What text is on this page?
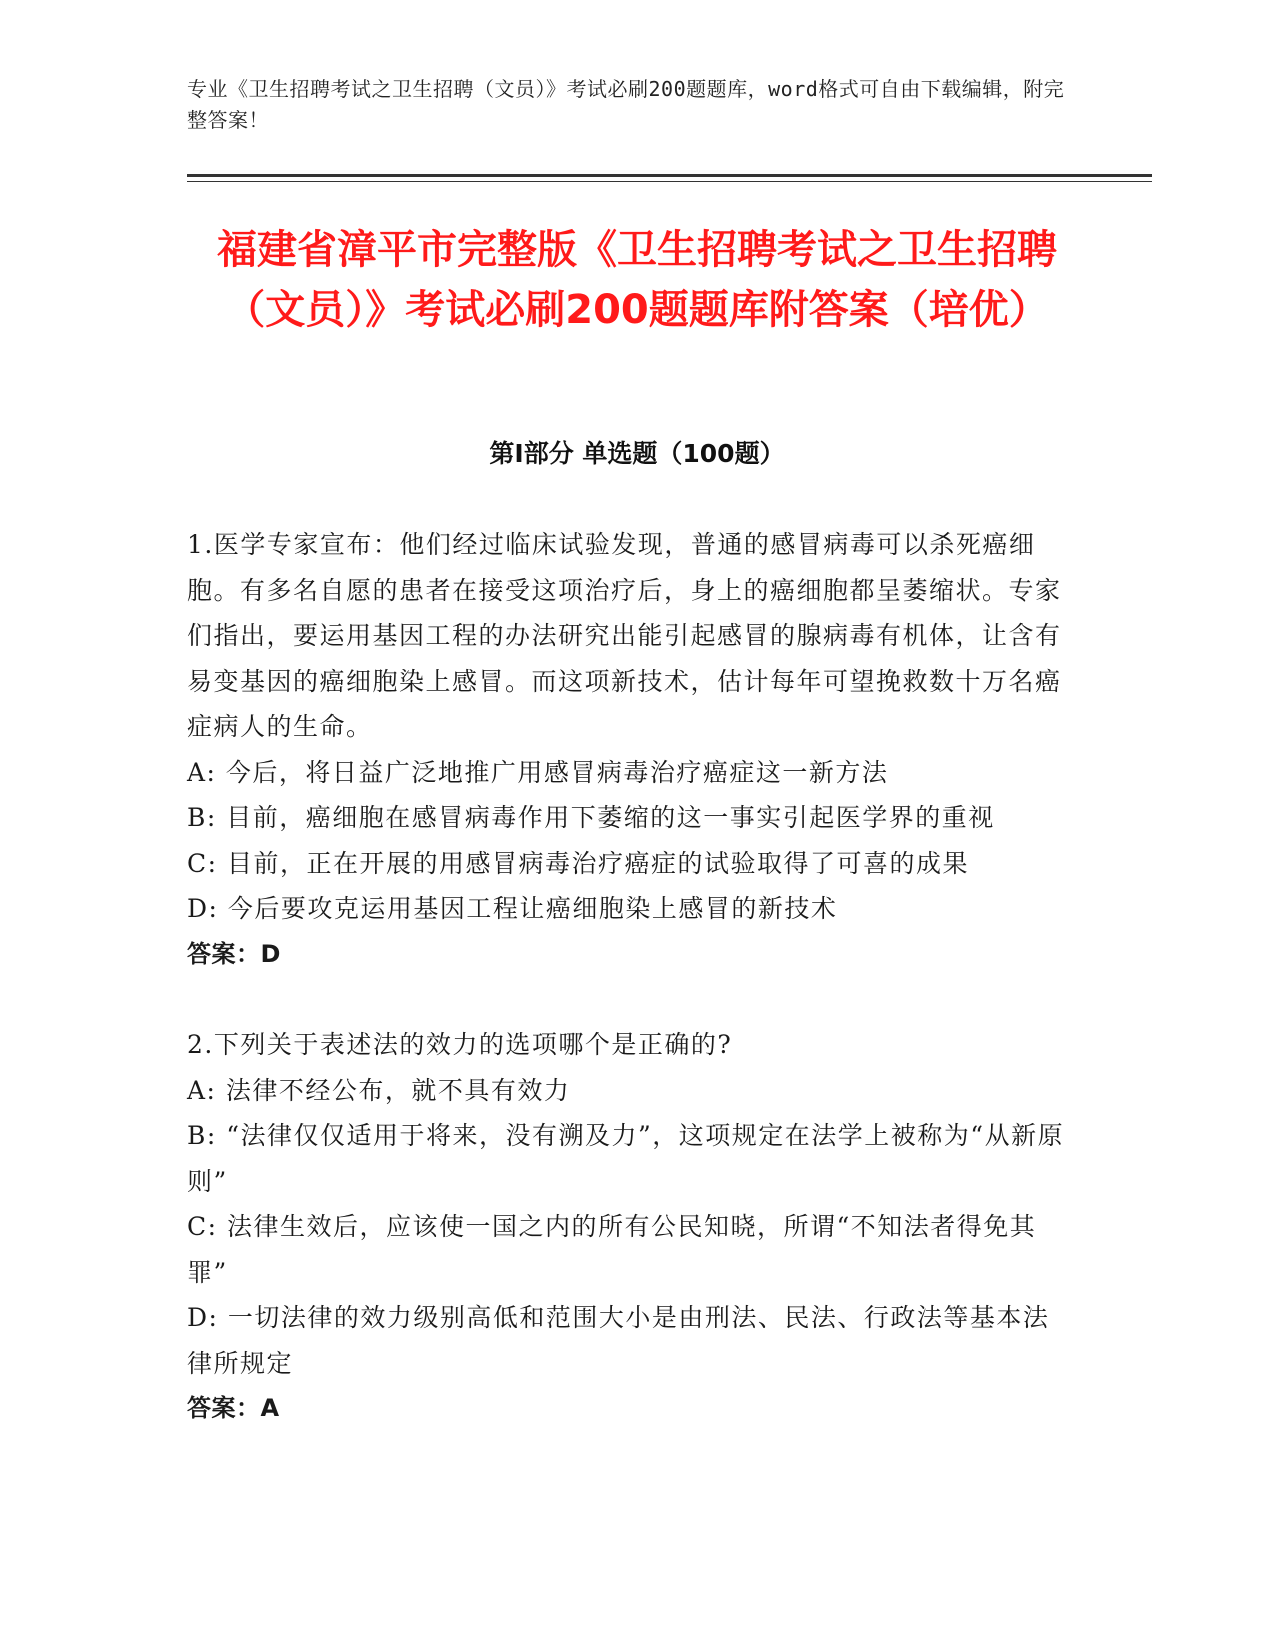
专业《卫生招聘考试之卫生招聘（文员）》考试必刷200题题库，word格式可自由下载编辑，附完整答案！
福建省漳平市完整版《卫生招聘考试之卫生招聘（文员）》考试必刷200题题库附答案（培优）
第Ⅰ部分 单选题（100题）

1.医学专家宣布：他们经过临床试验发现，普通的感冒病毒可以杀死癌细胞。有多名自愿的患者在接受这项治疗后，身上的癌细胞都呈萎缩状。专家们指出，要运用基因工程的办法研究出能引起感冒的腺病毒有机体，让含有易变基因的癌细胞染上感冒。而这项新技术，估计每年可望挽救数十万名癌症病人的生命。

A: 今后，将日益广泛地推广用感冒病毒治疗癌症这一新方法

B: 目前，癌细胞在感冒病毒作用下萎缩的这一事实引起医学界的重视

C: 目前，正在开展的用感冒病毒治疗癌症的试验取得了可喜的成果

D: 今后要攻克运用基因工程让癌细胞染上感冒的新技术

答案：D

2.下列关于表述法的效力的选项哪个是正确的?

A: 法律不经公布，就不具有效力

B: “法律仅仅适用于将来，没有溯及力”，这项规定在法学上被称为“从新原则”

C: 法律生效后，应该使一国之内的所有公民知晓，所谓“不知法者得免其罪”

D: 一切法律的效力级别高低和范围大小是由刑法、民法、行政法等基本法律所规定

答案：A
